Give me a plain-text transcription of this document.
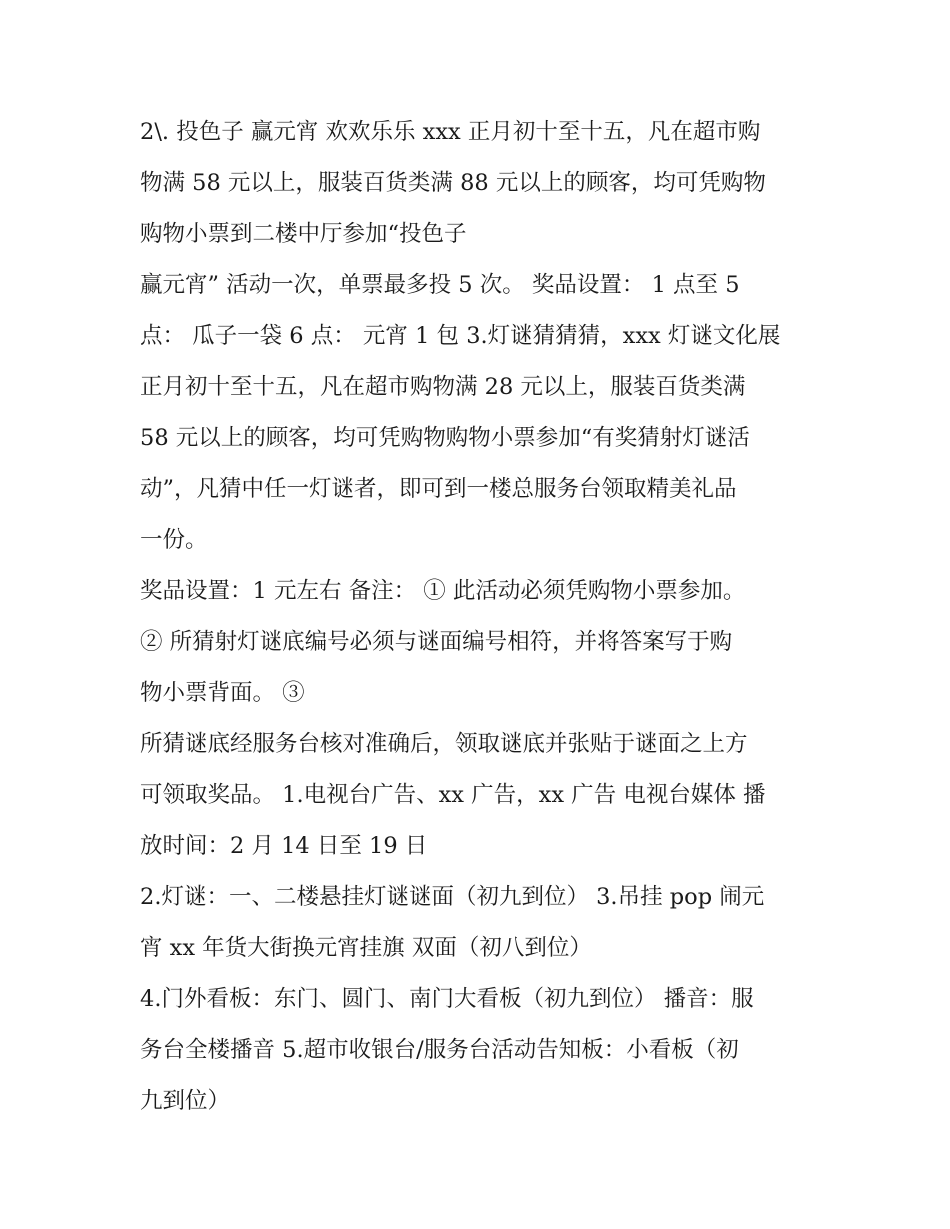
2\. 投色子 赢元宵 欢欢乐乐 xxx 正月初十至十五，凡在超市购
物满 58 元以上，服装百货类满 88 元以上的顾客，均可凭购物
购物小票到二楼中厅参加“投色子
赢元宵” 活动一次，单票最多投 5 次。 奖品设置： 1 点至 5
点： 瓜子一袋 6 点： 元宵 1 包 3.灯谜猜猜猜，xxx 灯谜文化展
正月初十至十五，凡在超市购物满 28 元以上，服装百货类满
58 元以上的顾客，均可凭购物购物小票参加“有奖猜射灯谜活
动”，凡猜中任一灯谜者，即可到一楼总服务台领取精美礼品
一份。
奖品设置：1 元左右 备注： ① 此活动必须凭购物小票参加。
② 所猜射灯谜底编号必须与谜面编号相符，并将答案写于购
物小票背面。 ③
所猜谜底经服务台核对准确后，领取谜底并张贴于谜面之上方
可领取奖品。 1.电视台广告、xx 广告，xx 广告 电视台媒体 播
放时间：2 月 14 日至 19 日
2.灯谜：一、二楼悬挂灯谜谜面（初九到位） 3.吊挂 pop 闹元
宵 xx 年货大街换元宵挂旗 双面（初八到位）
4.门外看板：东门、圆门、南门大看板（初九到位） 播音：服
务台全楼播音 5.超市收银台/服务台活动告知板：小看板（初
九到位）
